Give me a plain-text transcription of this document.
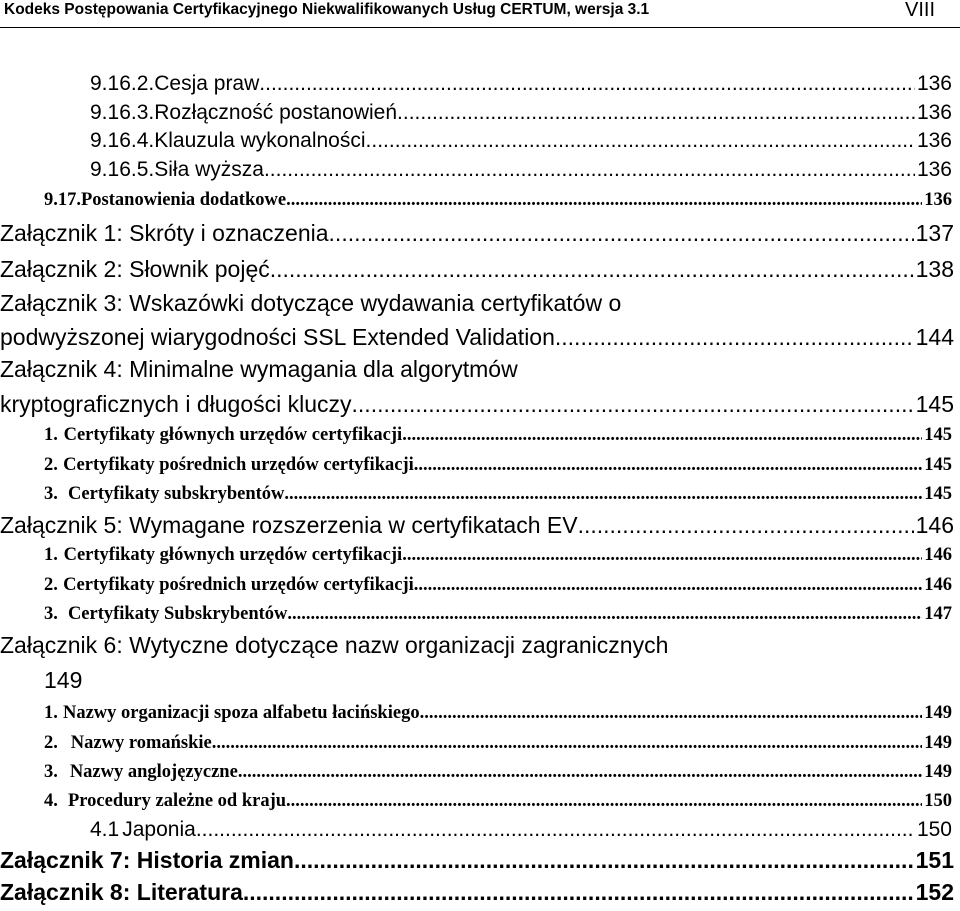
Kodeks Postępowania Certyfikacyjnego Niekwalifikowanych Usług CERTUM, wersja 3.1	VIII
9.16.2. Cesja praw .....	136
9.16.3. Rozłączność postanowień .....	136
9.16.4. Klauzula wykonalności .....	136
9.16.5. Siła wyższa .....	136
9.17. Postanowienia dodatkowe .....	136
Załącznik 1: Skróty i oznaczenia .....	137
Załącznik 2: Słownik pojęć .....	138
Załącznik 3: Wskazówki dotyczące wydawania certyfikatów o
podwyższonej wiarygodności SSL Extended Validation .....	144
Załącznik 4: Minimalne wymagania dla algorytmów
kryptograficznych i długości kluczy .....	145
1. Certyfikaty głównych urzędów certyfikacji .....	145
2. Certyfikaty pośrednich urzędów certyfikacji .....	145
3. Certyfikaty subskrybentów .....	145
Załącznik 5: Wymagane rozszerzenia w certyfikatach EV .....	146
1. Certyfikaty głównych urzędów certyfikacji .....	146
2. Certyfikaty pośrednich urzędów certyfikacji .....	146
3. Certyfikaty Subskrybentów .....	147
Załącznik 6: Wytyczne dotyczące nazw organizacji zagranicznych
149
1. Nazwy organizacji spoza alfabetu łacińskiego .....	149
2. Nazwy romańskie .....	149
3. Nazwy anglojęzyczne .....	149
4. Procedury zależne od kraju .....	150
4.1 Japonia .....	150
Załącznik 7: Historia zmian .....	151
Załącznik 8: Literatura .....	152
